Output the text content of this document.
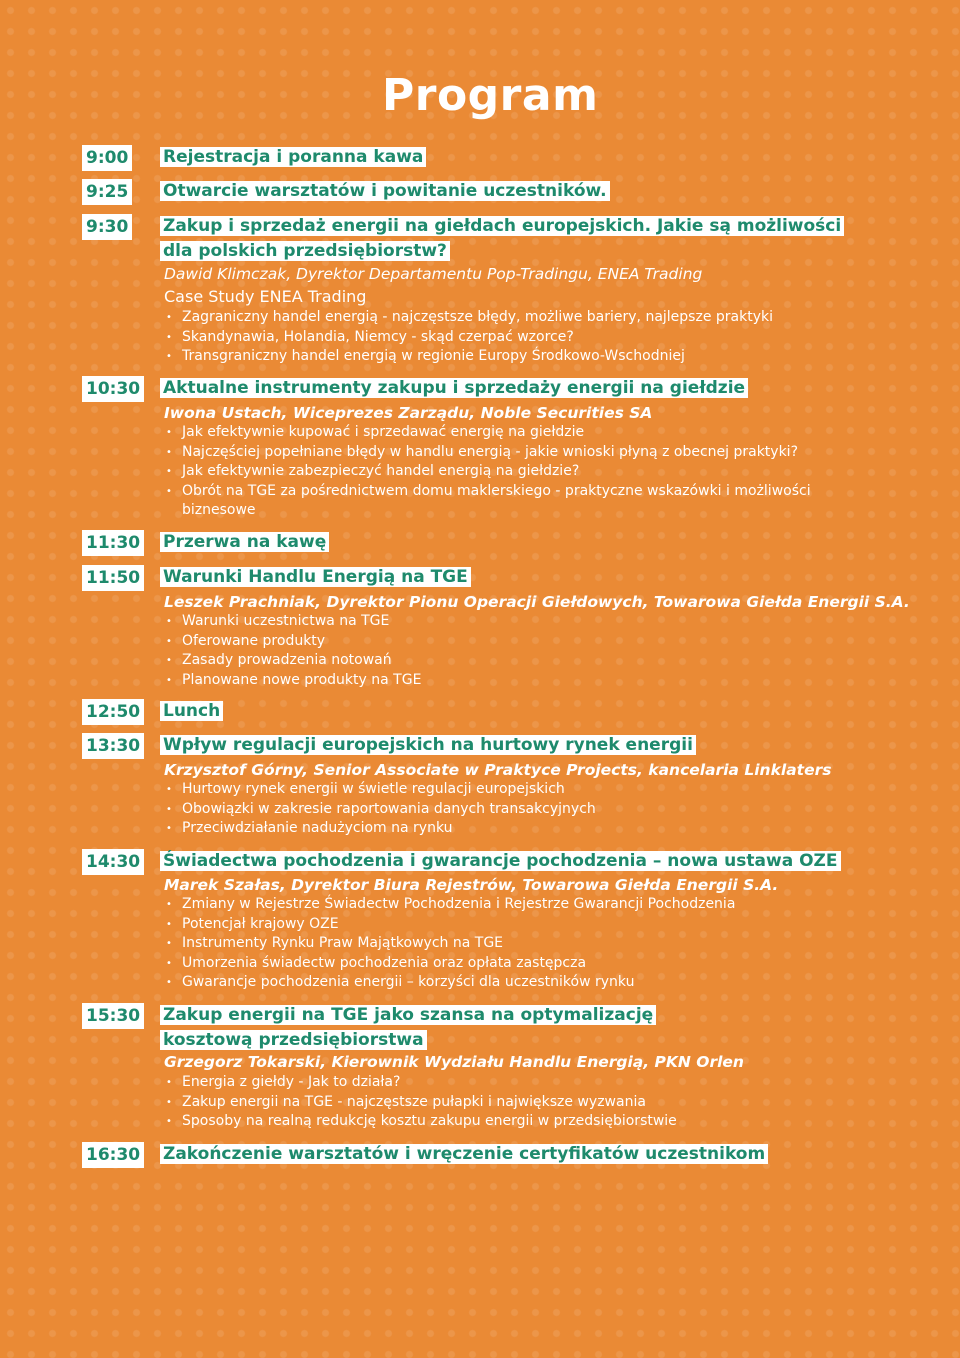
Program
9:00 Rejestracja i poranna kawa

9:25 Otwarcie warsztatów i powitanie uczestników.

9:30 Zakup i sprzedaż energii na giełdach europejskich. Jakie są możliwości dla polskich przedsiębiorstw?

Dawid Klimczak, Dyrektor Departamentu Pop-Tradingu, ENEA Trading

Case Study ENEA Trading

• Zagraniczny handel energią - najczęstsze błędy, możliwe bariery, najlepsze praktyki
• Skandynawia, Holandia, Niemcy - skąd czerpać wzorce?
• Transgraniczny handel energią w regionie Europy Środkowo-Wschodniej
10:30 Aktualne instrumenty zakupu i sprzedaży energii na giełdzie

Iwona Ustach, Wiceprezes Zarządu, Noble Securities SA

• Jak efektywnie kupować i sprzedawać energię na giełdzie
• Najczęściej popełniane błędy w handlu energią - jakie wnioski płyną z obecnej praktyki?
• Jak efektywnie zabezpieczyć handel energią na giełdzie?
• Obrót na TGE za pośrednictwem domu maklerskiego - praktyczne wskazówki i możliwości biznesowe
11:30 Przerwa na kawę

11:50 Warunki Handlu Energią na TGE

Leszek Prachniak, Dyrektor Pionu Operacji Giełdowych, Towarowa Giełda Energii S.A.

• Warunki uczestnictwa na TGE
• Oferowane produkty
• Zasady prowadzenia notowań
• Planowane nowe produkty na TGE
12:50 Lunch

13:30 Wpływ regulacji europejskich na hurtowy rynek energii

Krzysztof Górny, Senior Associate w Praktyce Projects, kancelaria Linklaters

• Hurtowy rynek energii w świetle regulacji europejskich
• Obowiązki w zakresie raportowania danych transakcyjnych
• Przeciwdziałanie nadużyciom na rynku
14:30 Świadectwa pochodzenia i gwarancje pochodzenia – nowa ustawa OZE

Marek Szałas, Dyrektor Biura Rejestrów, Towarowa Giełda Energii S.A.

• Zmiany w Rejestrze Świadectw Pochodzenia i Rejestrze Gwarancji Pochodzenia
• Potencjał krajowy OZE
• Instrumenty Rynku Praw Majątkowych na TGE
• Umorzenia świadectw pochodzenia oraz opłata zastępcza
• Gwarancje pochodzenia energii – korzyści dla uczestników rynku
15:30 Zakup energii na TGE jako szansa na optymalizację kosztową przedsiębiorstwa

Grzegorz Tokarski, Kierownik Wydziału Handlu Energią, PKN Orlen

• Energia z giełdy - Jak to działa?
• Zakup energii na TGE - najczęstsze pułapki i największe wyzwania
• Sposoby na realną redukcję kosztu zakupu energii w przedsiębiorstwie
16:30 Zakończenie warsztatów i wręczenie certyfikatów uczestnikom
